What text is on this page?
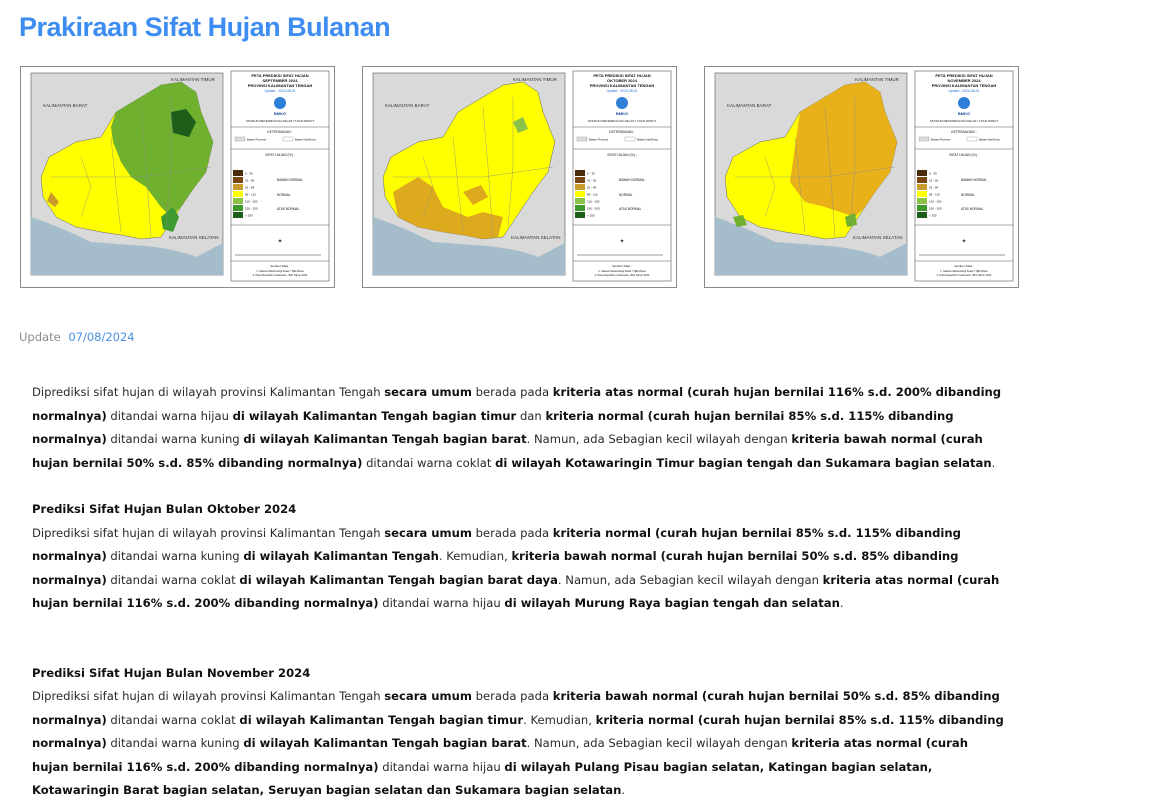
Prakiraan Sifat Hujan Bulanan
KALIMANTAN TIMUR
KALIMANTAN BARAT
KALIMANTAN SELATAN
PETA PREDIKSI SIFAT HUJAN
SEPTEMBER 2024
PROVINSI KALIMANTAN TENGAH
Update : 2024-08-01
BMKG
STASIUN METEOROLOGI KELAS I TJILIK RIWUT
KETERANGAN :
Batas Provinsi	Batas Kab/Kota
SIFAT HUJAN (%) :
0 - 30
31 - 50
51 - 84
85 - 115
116 - 150
150 - 200
> 200
BAWAH NORMAL
NORMAL
ATAS NORMAL
✦
Sumber Data :
1. Stasiun Meteorologi Kelas I Tjilik Riwut
2. Peta Rupa Bumi Indonesia - BIG Tahun 2022
KALIMANTAN TIMUR
KALIMANTAN BARAT
KALIMANTAN SELATAN
PETA PREDIKSI SIFAT HUJAN
OKTOBER 2024
PROVINSI KALIMANTAN TENGAH
Update : 2024-08-01
BMKG
STASIUN METEOROLOGI KELAS I TJILIK RIWUT
KETERANGAN :
Batas Provinsi	Batas Kab/Kota
SIFAT HUJAN (%) :
0 - 30
31 - 50
51 - 84
85 - 115
116 - 150
150 - 200
> 200
BAWAH NORMAL
NORMAL
ATAS NORMAL
✦
Sumber Data :
1. Stasiun Meteorologi Kelas I Tjilik Riwut
2. Peta Rupa Bumi Indonesia - BIG Tahun 2022
KALIMANTAN TIMUR
KALIMANTAN BARAT
KALIMANTAN SELATAN
PETA PREDIKSI SIFAT HUJAN
NOVEMBER 2024
PROVINSI KALIMANTAN TENGAH
Update : 2024-08-01
BMKG
STASIUN METEOROLOGI KELAS I TJILIK RIWUT
KETERANGAN :
Batas Provinsi	Batas Kab/Kota
SIFAT HUJAN (%) :
0 - 30
31 - 50
51 - 84
85 - 115
116 - 150
150 - 200
> 200
BAWAH NORMAL
NORMAL
ATAS NORMAL
✦
Sumber Data :
1. Stasiun Meteorologi Kelas I Tjilik Riwut
2. Peta Rupa Bumi Indonesia - BIG Tahun 2022
Update 07/08/2024

Diprediksi sifat hujan di wilayah provinsi Kalimantan Tengah secara umum berada pada kriteria atas normal (curah hujan bernilai 116% s.d. 200% dibanding normalnya) ditandai warna hijau di wilayah Kalimantan Tengah bagian timur dan kriteria normal (curah hujan bernilai 85% s.d. 115% dibanding normalnya) ditandai warna kuning di wilayah Kalimantan Tengah bagian barat. Namun, ada Sebagian kecil wilayah dengan kriteria bawah normal (curah hujan bernilai 50% s.d. 85% dibanding normalnya) ditandai warna coklat di wilayah Kotawaringin Timur bagian tengah dan Sukamara bagian selatan.

Prediksi Sifat Hujan Bulan Oktober 2024

Diprediksi sifat hujan di wilayah provinsi Kalimantan Tengah secara umum berada pada kriteria normal (curah hujan bernilai 85% s.d. 115% dibanding normalnya) ditandai warna kuning di wilayah Kalimantan Tengah. Kemudian, kriteria bawah normal (curah hujan bernilai 50% s.d. 85% dibanding normalnya) ditandai warna coklat di wilayah Kalimantan Tengah bagian barat daya. Namun, ada Sebagian kecil wilayah dengan kriteria atas normal (curah hujan bernilai 116% s.d. 200% dibanding normalnya) ditandai warna hijau di wilayah Murung Raya bagian tengah dan selatan.

Prediksi Sifat Hujan Bulan November 2024

Diprediksi sifat hujan di wilayah provinsi Kalimantan Tengah secara umum berada pada kriteria bawah normal (curah hujan bernilai 50% s.d. 85% dibanding normalnya) ditandai warna coklat di wilayah Kalimantan Tengah bagian timur. Kemudian, kriteria normal (curah hujan bernilai 85% s.d. 115% dibanding normalnya) ditandai warna kuning di wilayah Kalimantan Tengah bagian barat. Namun, ada Sebagian kecil wilayah dengan kriteria atas normal (curah hujan bernilai 116% s.d. 200% dibanding normalnya) ditandai warna hijau di wilayah Pulang Pisau bagian selatan, Katingan bagian selatan, Kotawaringin Barat bagian selatan, Seruyan bagian selatan dan Sukamara bagian selatan.
